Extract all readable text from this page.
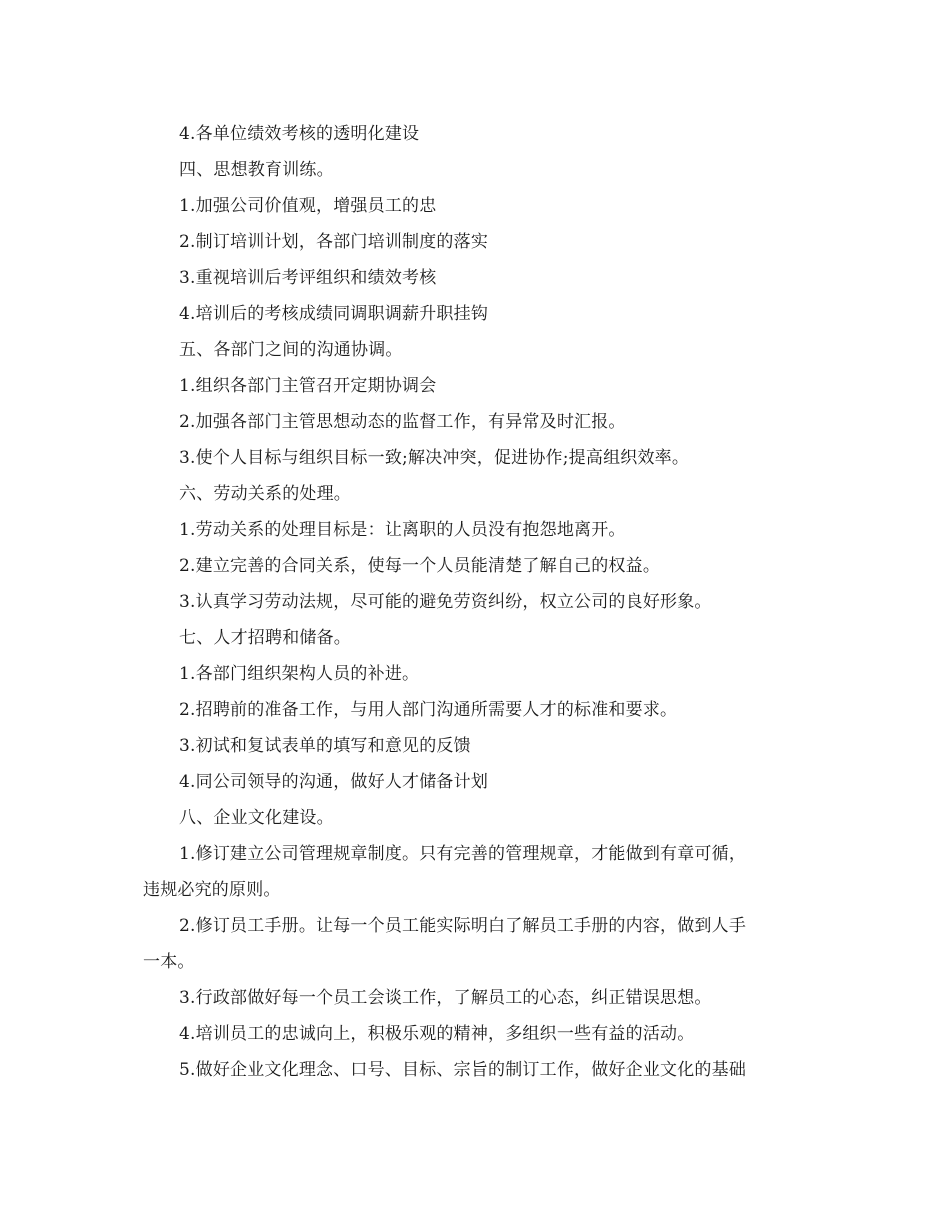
4.各单位绩效考核的透明化建设
四、思想教育训练。
1.加强公司价值观，增强员工的忠
2.制订培训计划，各部门培训制度的落实
3.重视培训后考评组织和绩效考核
4.培训后的考核成绩同调职调薪升职挂钩
五、各部门之间的沟通协调。
1.组织各部门主管召开定期协调会
2.加强各部门主管思想动态的监督工作，有异常及时汇报。
3.使个人目标与组织目标一致;解决冲突，促进协作;提高组织效率。
六、劳动关系的处理。
1.劳动关系的处理目标是：让离职的人员没有抱怨地离开。
2.建立完善的合同关系，使每一个人员能清楚了解自己的权益。
3.认真学习劳动法规，尽可能的避免劳资纠纷，权立公司的良好形象。
七、人才招聘和储备。
1.各部门组织架构人员的补进。
2.招聘前的准备工作，与用人部门沟通所需要人才的标准和要求。
3.初试和复试表单的填写和意见的反馈
4.同公司领导的沟通，做好人才储备计划
八、企业文化建设。
1.修订建立公司管理规章制度。只有完善的管理规章，才能做到有章可循，
违规必究的原则。
2.修订员工手册。让每一个员工能实际明白了解员工手册的内容，做到人手
一本。
3.行政部做好每一个员工会谈工作，了解员工的心态，纠正错误思想。
4.培训员工的忠诚向上，积极乐观的精神，多组织一些有益的活动。
5.做好企业文化理念、口号、目标、宗旨的制订工作，做好企业文化的基础
